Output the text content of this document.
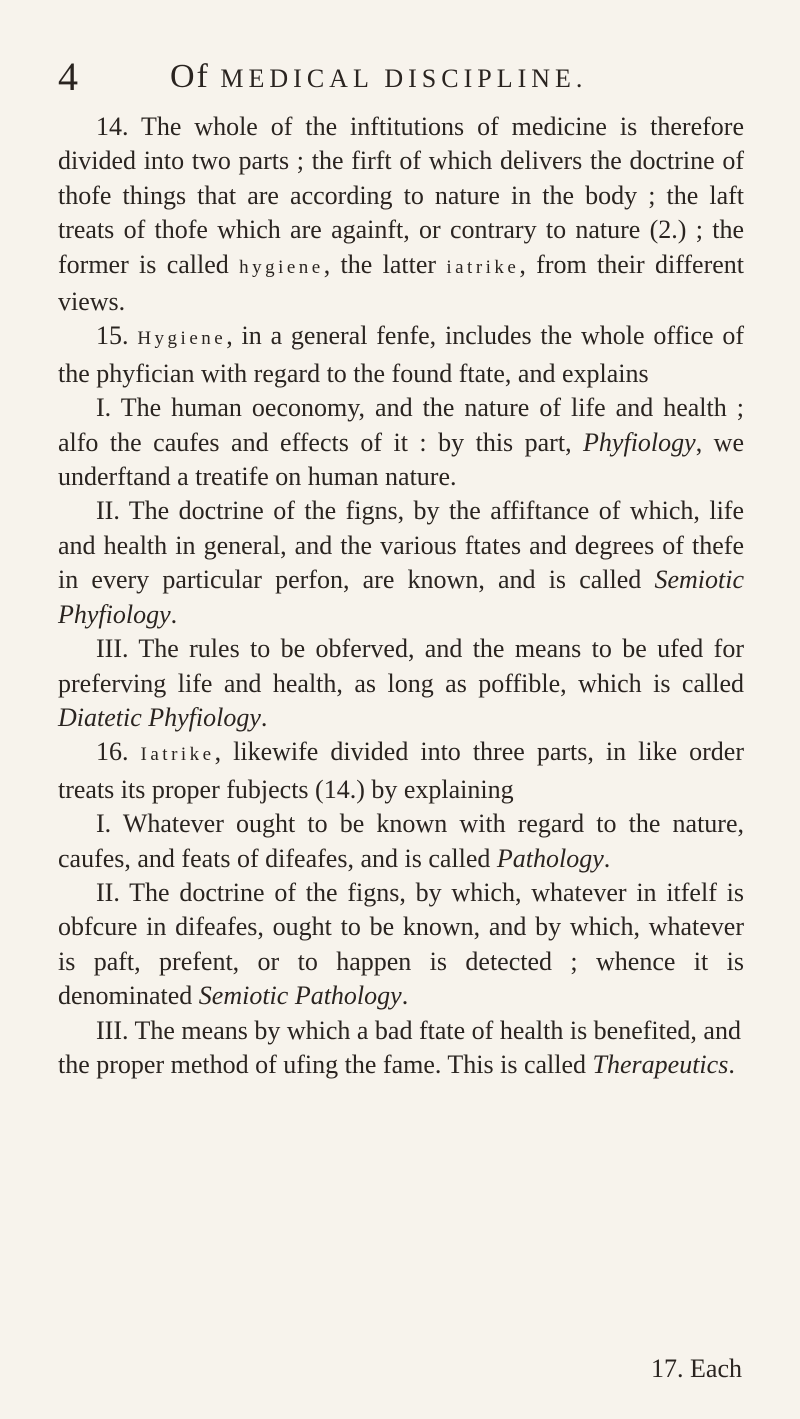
4	Of MEDICAL DISCIPLINE.

14. The whole of the inftitutions of medicine is therefore divided into two parts ; the firft of which delivers the doctrine of thofe things that are according to nature in the body ; the laft treats of thofe which are againft, or contrary to nature (2.) ; the former is called hygiene, the latter iatrike, from their different views.

15. Hygiene, in a general fenfe, includes the whole office of the phyfician with regard to the found ftate, and explains

I. The human oeconomy, and the nature of life and health ; alfo the caufes and effects of it : by this part, Phyfiology, we underftand a treatife on human nature.

II. The doctrine of the figns, by the affiftance of which, life and health in general, and the various ftates and degrees of thefe in every particular perfon, are known, and is called Semiotic Phyfiology.

III. The rules to be obferved, and the means to be ufed for preferving life and health, as long as poffible, which is called Diatetic Phyfiology.

16. Iatrike, likewife divided into three parts, in like order treats its proper fubjects (14.) by explaining

I. Whatever ought to be known with regard to the nature, caufes, and feats of difeafes, and is called Pathology.

II. The doctrine of the figns, by which, whatever in itfelf is obfcure in difeafes, ought to be known, and by which, whatever is paft, prefent, or to happen is detected ; whence it is denominated Semiotic Pathology.

III. The means by which a bad ftate of health is benefited, and the proper method of ufing the fame. This is called Therapeutics.

17. Each
